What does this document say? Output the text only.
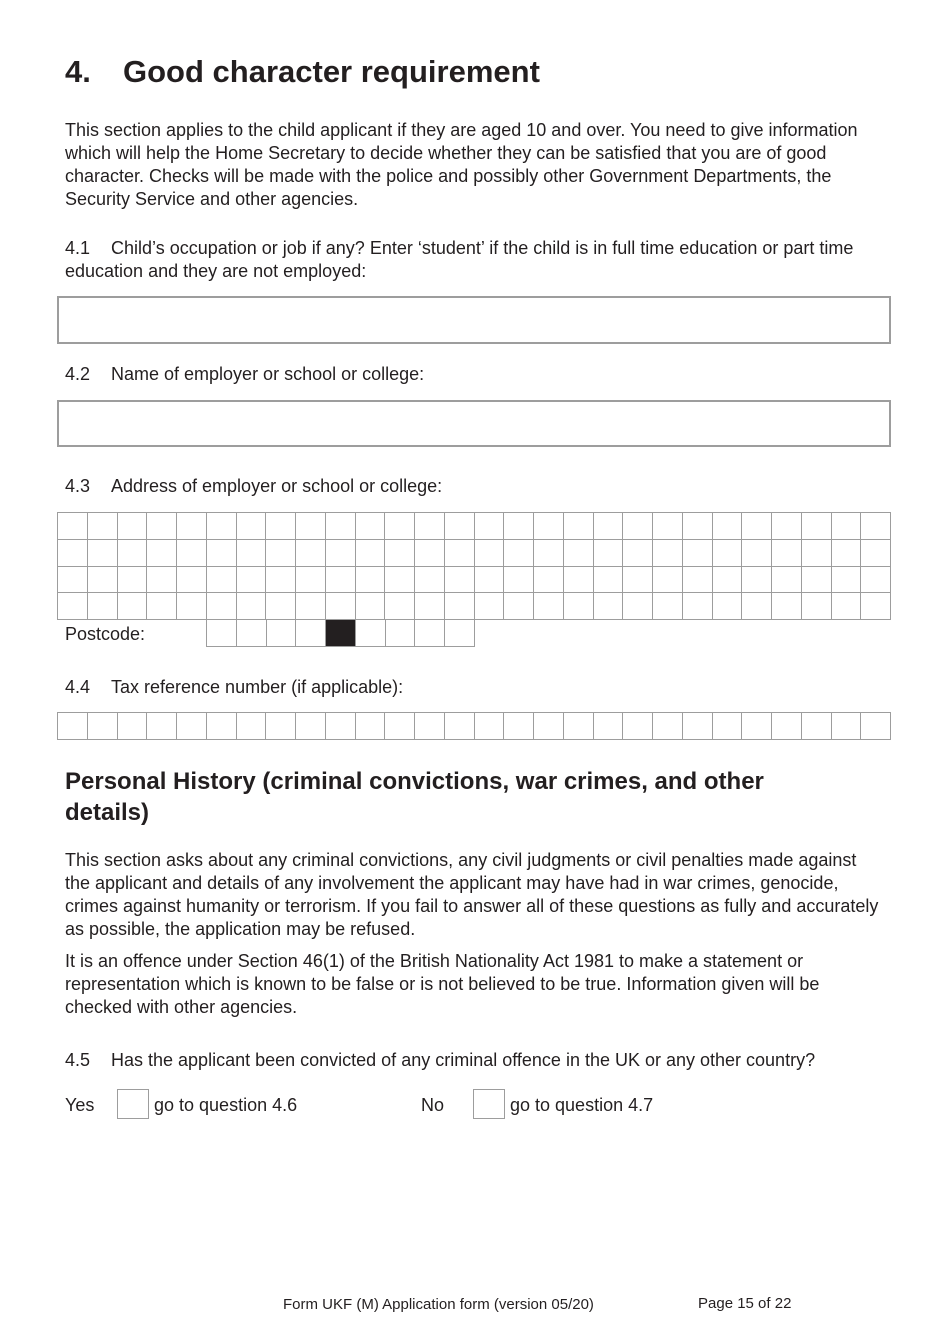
4. Good character requirement

This section applies to the child applicant if they are aged 10 and over. You need to give information which will help the Home Secretary to decide whether they can be satisfied that you are of good character. Checks will be made with the police and possibly other Government Departments, the Security Service and other agencies.

4.1 Child’s occupation or job if any? Enter ‘student’ if the child is in full time education or part time education and they are not employed:

4.2 Name of employer or school or college:

4.3 Address of employer or school or college:

Postcode:

4.4 Tax reference number (if applicable):

Personal History (criminal convictions, war crimes, and other details)

This section asks about any criminal convictions, any civil judgments or civil penalties made against the applicant and details of any involvement the applicant may have had in war crimes, genocide, crimes against humanity or terrorism. If you fail to answer all of these questions as fully and accurately as possible, the application may be refused.

It is an offence under Section 46(1) of the British Nationality Act 1981 to make a statement or representation which is known to be false or is not believed to be true. Information given will be checked with other agencies.

4.5 Has the applicant been convicted of any criminal offence in the UK or any other country?

Yes	go to question 4.6	No	go to question 4.7
Form UKF (M) Application form (version 05/20)	Page 15 of 22
